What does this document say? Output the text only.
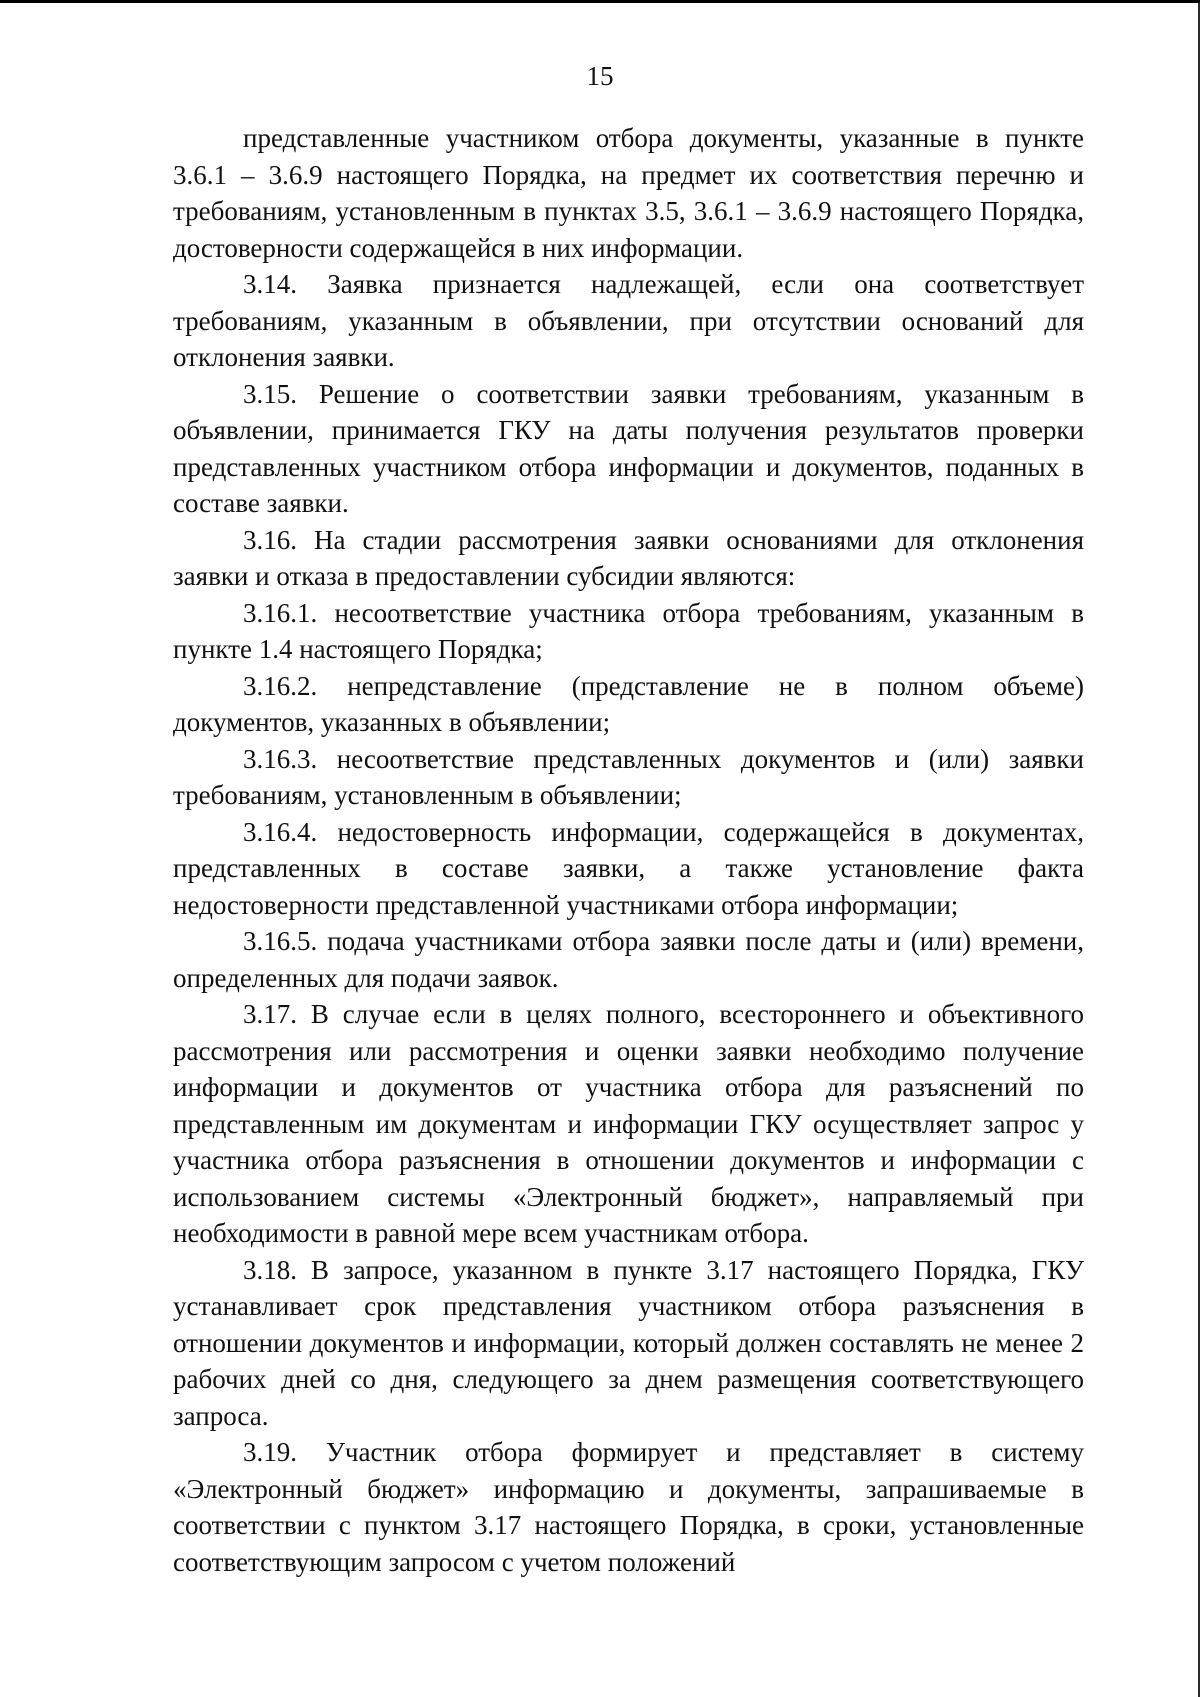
15

представленные участником отбора документы, указанные в пункте 3.6.1 – 3.6.9 настоящего Порядка, на предмет их соответствия перечню и требованиям, установленным в пунктах 3.5, 3.6.1 – 3.6.9 настоящего Порядка, достоверности содержащейся в них информации.

3.14. Заявка признается надлежащей, если она соответствует требованиям, указанным в объявлении, при отсутствии оснований для отклонения заявки.

3.15. Решение о соответствии заявки требованиям, указанным в объявлении, принимается ГКУ на даты получения результатов проверки представленных участником отбора информации и документов, поданных в составе заявки.

3.16. На стадии рассмотрения заявки основаниями для отклонения заявки и отказа в предоставлении субсидии являются:

3.16.1. несоответствие участника отбора требованиям, указанным в пункте 1.4 настоящего Порядка;

3.16.2. непредставление (представление не в полном объеме) документов, указанных в объявлении;

3.16.3. несоответствие представленных документов и (или) заявки требованиям, установленным в объявлении;

3.16.4. недостоверность информации, содержащейся в документах, представленных в составе заявки, а также установление факта недостоверности представленной участниками отбора информации;

3.16.5. подача участниками отбора заявки после даты и (или) времени, определенных для подачи заявок.

3.17. В случае если в целях полного, всестороннего и объективного рассмотрения или рассмотрения и оценки заявки необходимо получение информации и документов от участника отбора для разъяснений по представленным им документам и информации ГКУ осуществляет запрос у участника отбора разъяснения в отношении документов и информации с использованием системы «Электронный бюджет», направляемый при необходимости в равной мере всем участникам отбора.

3.18. В запросе, указанном в пункте 3.17 настоящего Порядка, ГКУ устанавливает срок представления участником отбора разъяснения в отношении документов и информации, который должен составлять не менее 2 рабочих дней со дня, следующего за днем размещения соответствующего запроса.

3.19. Участник отбора формирует и представляет в систему «Электронный бюджет» информацию и документы, запрашиваемые в соответствии с пунктом 3.17 настоящего Порядка, в сроки, установленные соответствующим запросом с учетом положений
